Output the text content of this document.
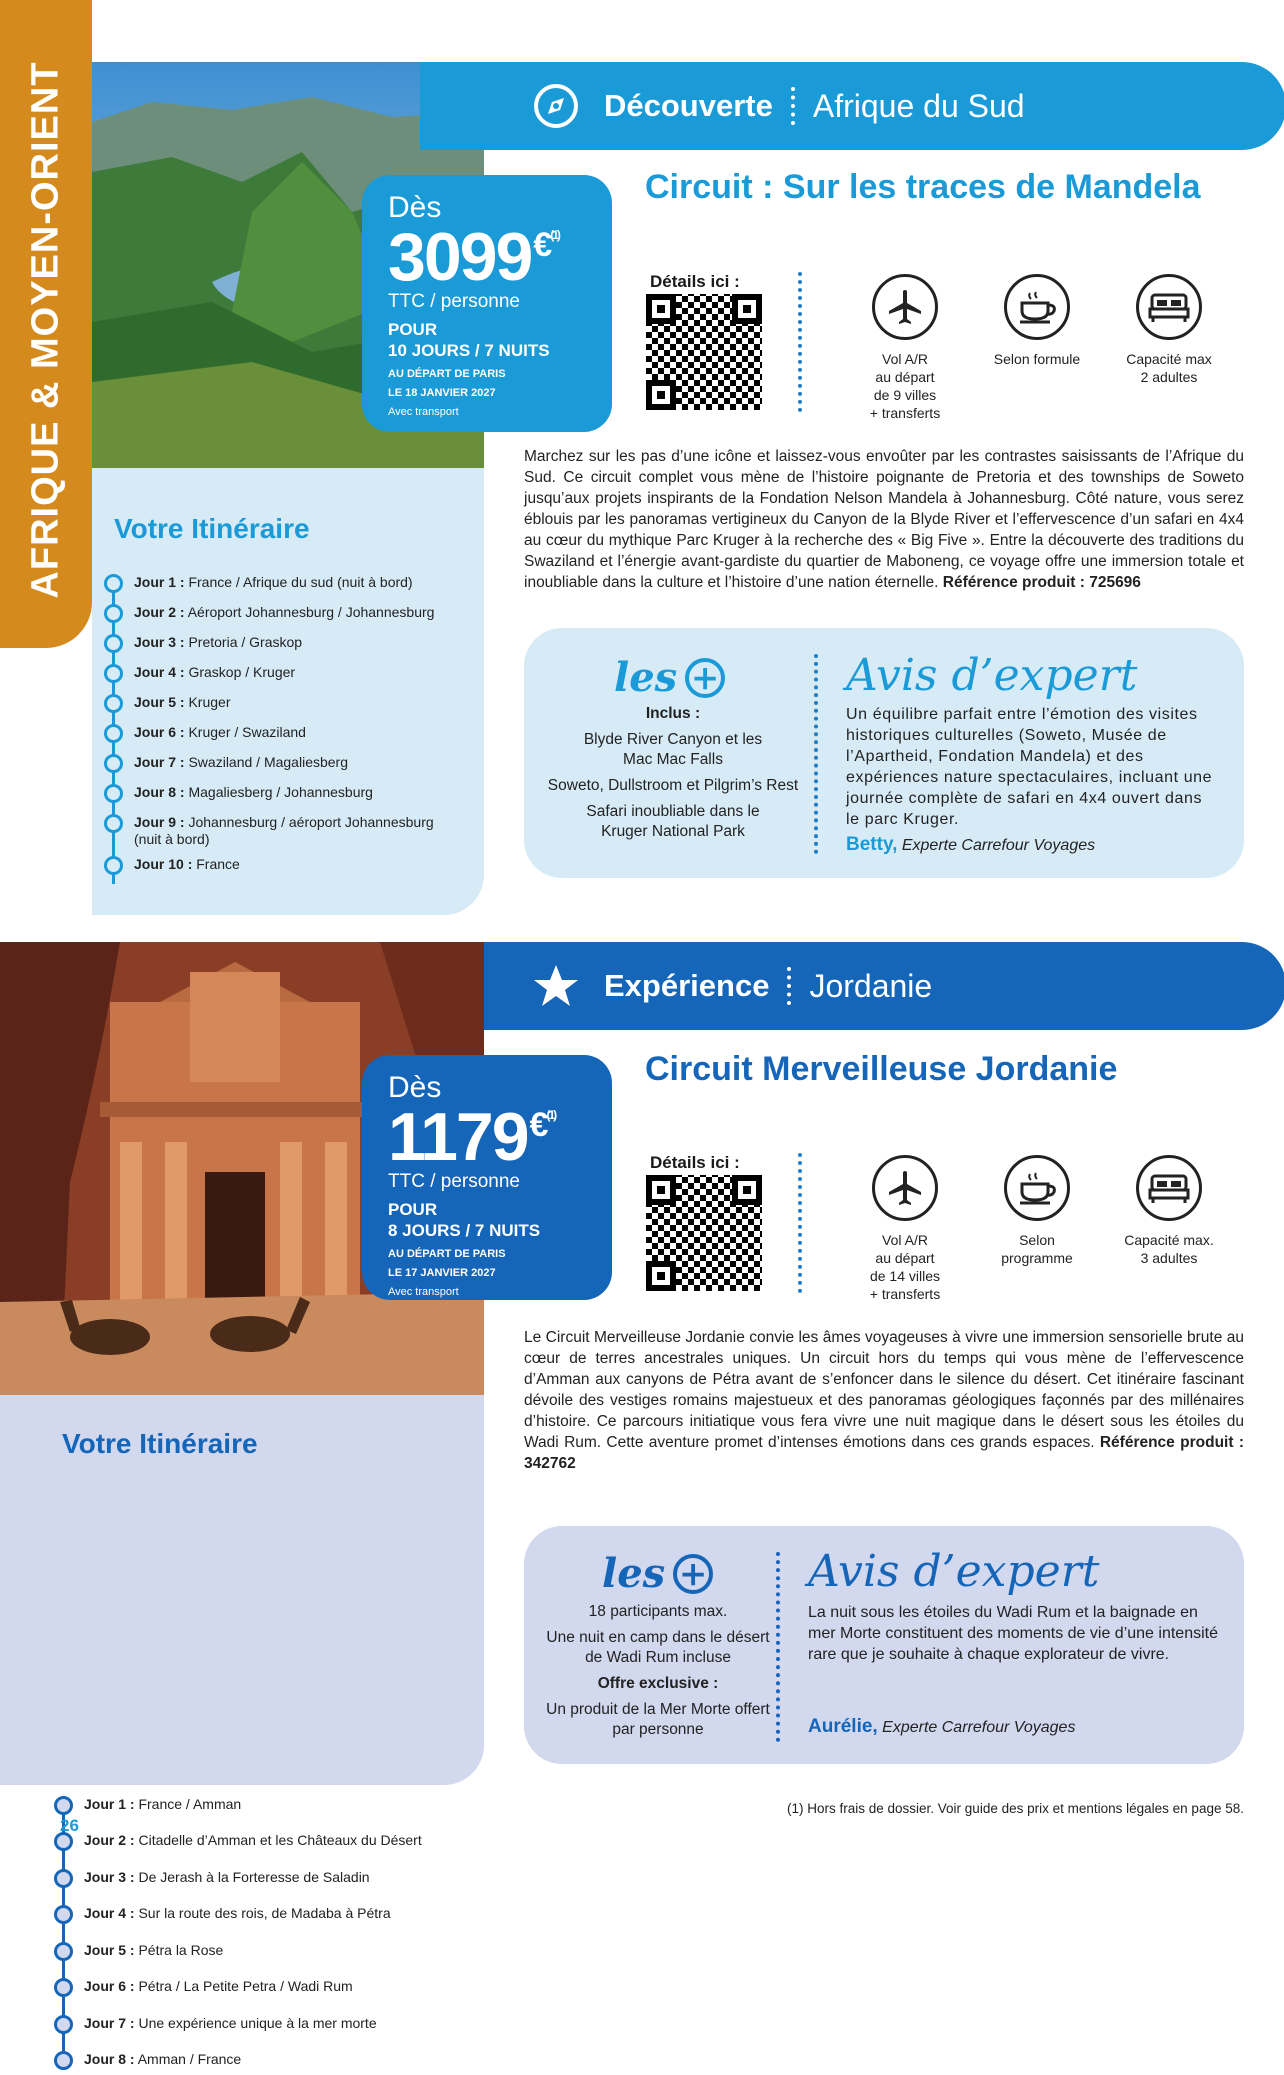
AFRIQUE & MOYEN-ORIENT	Découverte Afrique du Sud
Dès
3099 € (1)
TTC / personne
POUR
10 JOURS / 7 NUITS
AU DÉPART DE PARIS
LE 18 JANVIER 2027
Avec transport
Circuit : Sur les traces de Mandela
Détails ici :
Vol A/R
au départ
de 9 villes
+ transferts
Selon formule	Capacité max
2 adultes
Marchez sur les pas d’une icône et laissez-vous envoûter par les contrastes saisissants de l’Afrique du Sud. Ce circuit complet vous mène de l’histoire poignante de Pretoria et des townships de Soweto jusqu’aux projets inspirants de la Fondation Nelson Mandela à Johannesburg. Côté nature, vous serez éblouis par les panoramas vertigineux du Canyon de la Blyde River et l’effervescence d’un safari en 4x4 au cœur du mythique Parc Kruger à la recherche des « Big Five ». Entre la découverte des traditions du Swaziland et l’énergie avant-gardiste du quartier de Maboneng, ce voyage offre une immersion totale et inoubliable dans la culture et l’histoire d’une nation éternelle. Référence produit : 725696
les +
Inclus :
Blyde River Canyon et les Mac Mac Falls
Soweto, Dullstroom et Pilgrim’s Rest
Safari inoubliable dans le Kruger National Park
Avis d’expert
Un équilibre parfait entre l’émotion des visites historiques culturelles (Soweto, Musée de l’Apartheid, Fondation Mandela) et des expériences nature spectaculaires, incluant une journée complète de safari en 4x4 ouvert dans le parc Kruger.
Betty, Experte Carrefour Voyages
Votre Itinéraire
Jour 1 : France / Afrique du sud (nuit à bord)
Jour 2 : Aéroport Johannesburg / Johannesburg
Jour 3 : Pretoria / Graskop
Jour 4 : Graskop / Kruger
Jour 5 : Kruger
Jour 6 : Kruger / Swaziland
Jour 7 : Swaziland / Magaliesberg
Jour 8 : Magaliesberg / Johannesburg
Jour 9 : Johannesburg / aéroport Johannesburg (nuit à bord)
Jour 10 : France
Expérience Jordanie
Dès
1179 € (1)
TTC / personne
POUR
8 JOURS / 7 NUITS
AU DÉPART DE PARIS
LE 17 JANVIER 2027
Avec transport
Circuit Merveilleuse Jordanie
Détails ici :
Vol A/R
au départ
de 14 villes
+ transferts
Selon
programme
Capacité max.
3 adultes
Le Circuit Merveilleuse Jordanie convie les âmes voyageuses à vivre une immersion sensorielle brute au cœur de terres ancestrales uniques. Un circuit hors du temps qui vous mène de l’effervescence d’Amman aux canyons de Pétra avant de s’enfoncer dans le silence du désert. Cet itinéraire fascinant dévoile des vestiges romains majestueux et des panoramas géologiques façonnés par des millénaires d’histoire. Ce parcours initiatique vous fera vivre une nuit magique dans le désert sous les étoiles du Wadi Rum. Cette aventure promet d’intenses émotions dans ces grands espaces. Référence produit : 342762
les +
18 participants max.
Une nuit en camp dans le désert de Wadi Rum incluse
Offre exclusive :
Un produit de la Mer Morte offert par personne
Avis d’expert
La nuit sous les étoiles du Wadi Rum et la baignade en mer Morte constituent des moments de vie d’une intensité rare que je souhaite à chaque explorateur de vivre.
Aurélie, Experte Carrefour Voyages
Votre Itinéraire
Jour 1 : France / Amman
Jour 2 : Citadelle d’Amman et les Châteaux du Désert
Jour 3 : De Jerash à la Forteresse de Saladin
Jour 4 : Sur la route des rois, de Madaba à Pétra
Jour 5 : Pétra la Rose
Jour 6 : Pétra / La Petite Petra / Wadi Rum
Jour 7 : Une expérience unique à la mer morte
Jour 8 : Amman / France
(1) Hors frais de dossier. Voir guide des prix et mentions légales en page 58.
26
